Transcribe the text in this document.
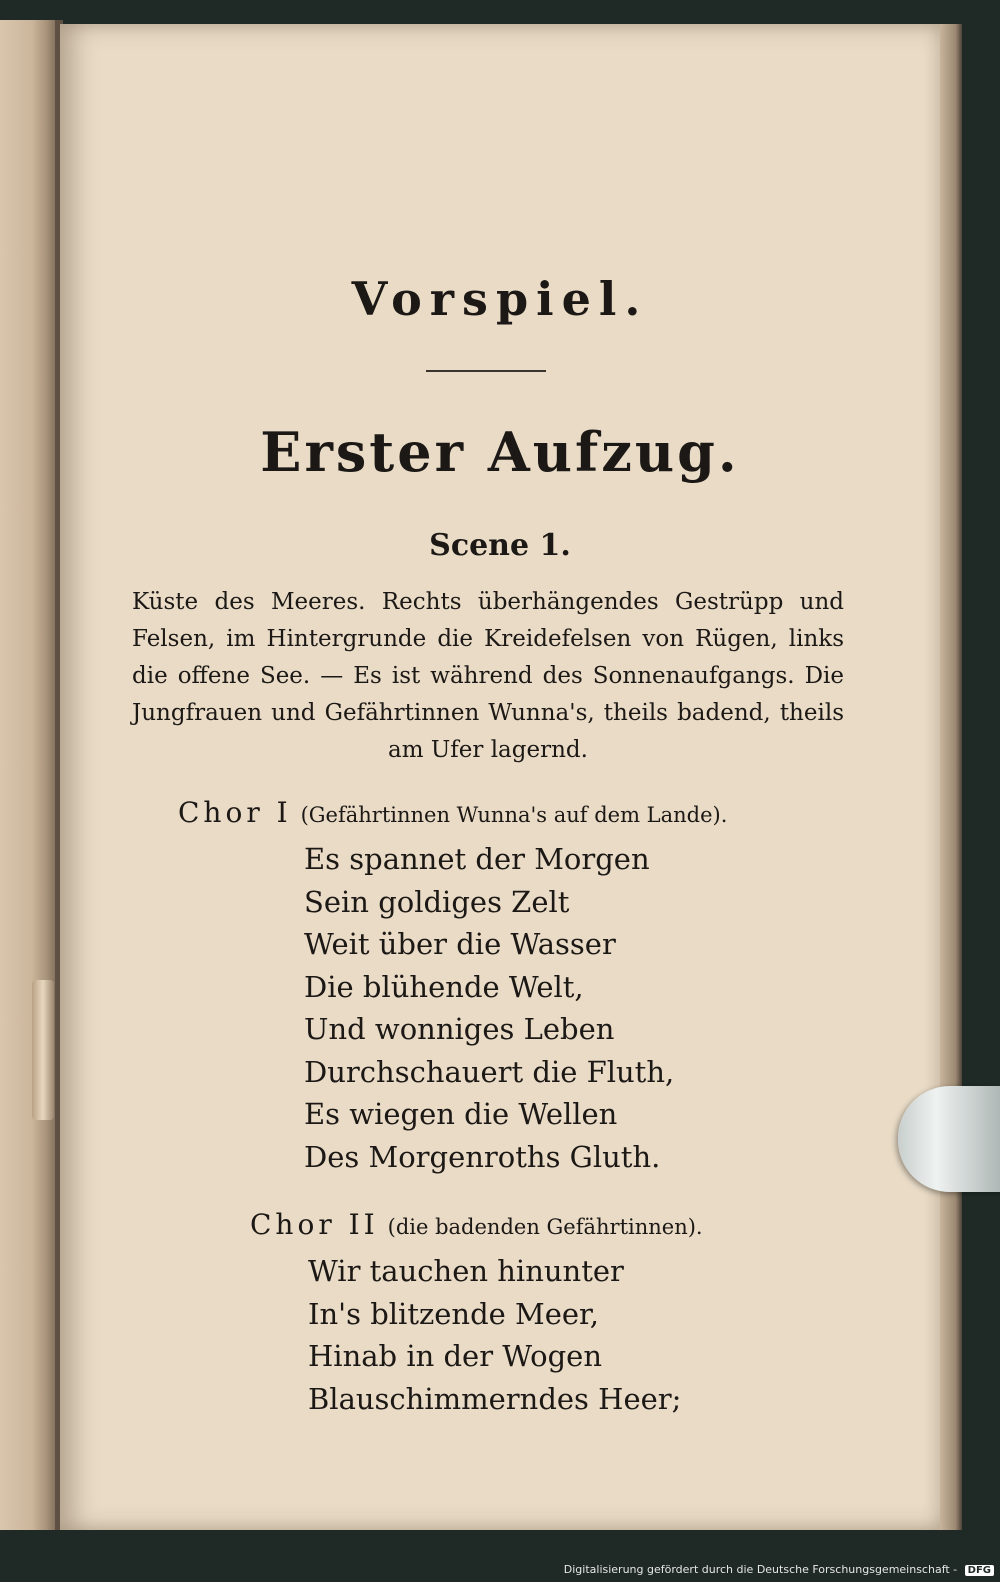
Vorspiel.
Erster Aufzug.
Scene 1.
Küste des Meeres. Rechts überhängendes Gestrüpp und Felsen, im Hintergrunde die Kreidefelsen von Rügen, links die offene See. — Es ist während des Sonnenaufgangs. Die Jungfrauen und Gefährtinnen Wunna's, theils badend, theils am Ufer lagernd.
Chor I (Gefährtinnen Wunna's auf dem Lande).
Es spannet der Morgen
Sein goldiges Zelt
Weit über die Wasser
Die blühende Welt,
Und wonniges Leben
Durchschauert die Fluth,
Es wiegen die Wellen
Des Morgenroths Gluth.
Chor II (die badenden Gefährtinnen).
Wir tauchen hinunter
In's blitzende Meer,
Hinab in der Wogen
Blauschimmerndes Heer;
Digitalisierung gefördert durch die Deutsche Forschungsgemeinschaft - DFG
